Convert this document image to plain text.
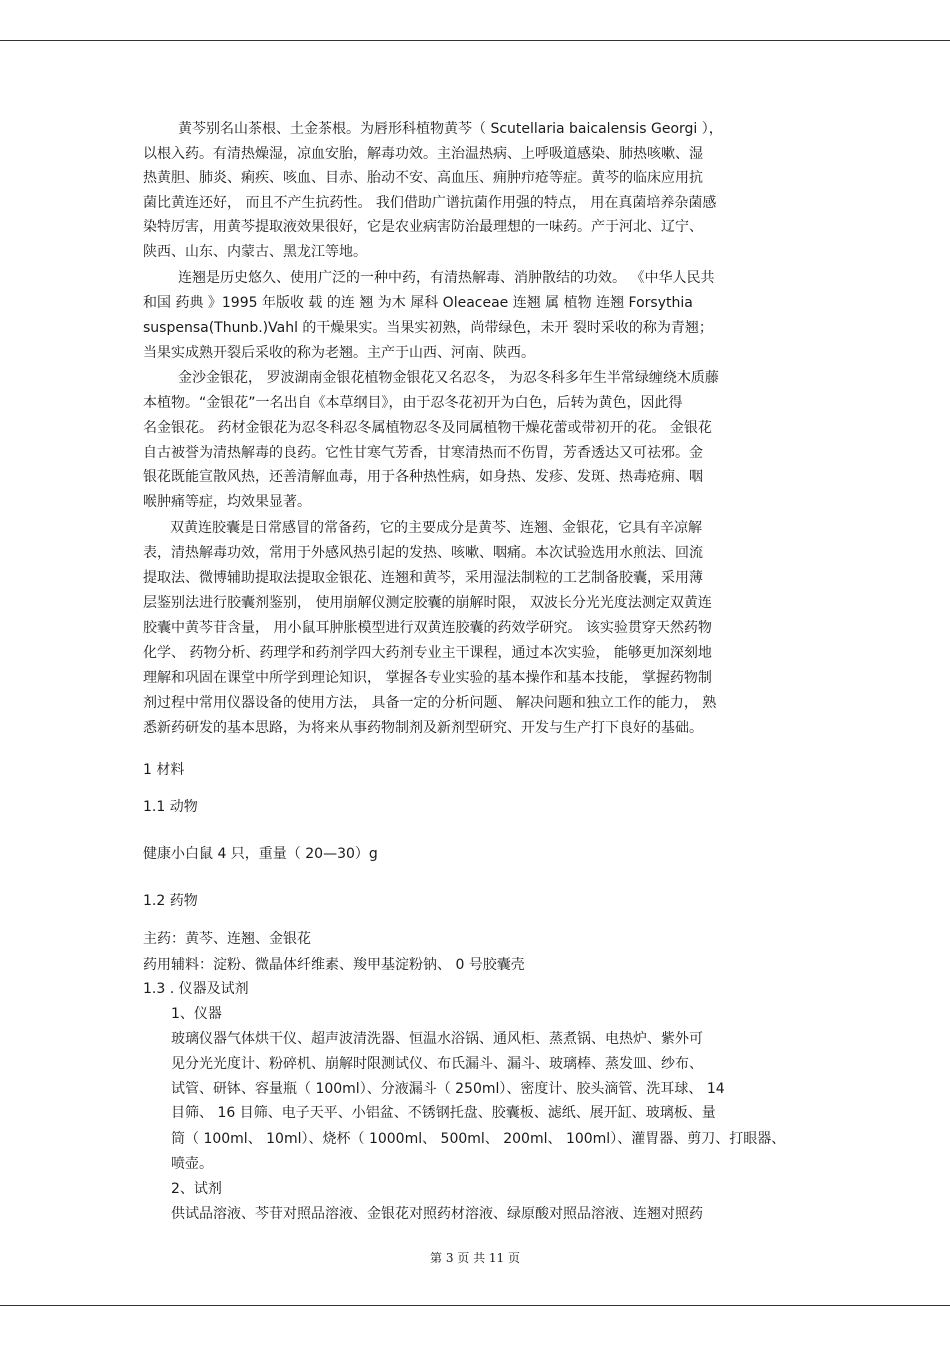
黄芩别名山茶根、土金茶根。为唇形科植物黄芩（ Scutellaria baicalensis Georgi ），
以根入药。有清热燥湿，凉血安胎，解毒功效。主治温热病、上呼吸道感染、肺热咳嗽、湿
热黄胆、肺炎、痢疾、咳血、目赤、胎动不安、高血压、痈肿疖疮等症。黄芩的临床应用抗
菌比黄连还好， 而且不产生抗药性。 我们借助广谱抗菌作用强的特点， 用在真菌培养杂菌感
染特厉害，用黄芩提取液效果很好，它是农业病害防治最理想的一味药。产于河北、辽宁、
陕西、山东、内蒙古、黑龙江等地。
连翘是历史悠久、使用广泛的一种中药，有清热解毒、消肿散结的功效。 《中华人民共
和国 药典 》1995 年版收 载 的连 翘 为木 犀科 Oleaceae 连翘 属 植物 连翘 Forsythia
suspensa(Thunb.)Vahl 的干燥果实。当果实初熟，尚带绿色，未开 裂时采收的称为青翘；
当果实成熟开裂后采收的称为老翘。主产于山西、河南、陕西。
金沙金银花， 罗波湖南金银花植物金银花又名忍冬， 为忍冬科多年生半常绿缠绕木质藤
本植物。“金银花”一名出自《本草纲目》，由于忍冬花初开为白色，后转为黄色，因此得
名金银花。 药材金银花为忍冬科忍冬属植物忍冬及同属植物干燥花蕾或带初开的花。 金银花
自古被誉为清热解毒的良药。它性甘寒气芳香，甘寒清热而不伤胃，芳香透达又可祛邪。金
银花既能宣散风热，还善清解血毒，用于各种热性病，如身热、发疹、发斑、热毒疮痈、咽
喉肿痛等症，均效果显著。
双黄连胶囊是日常感冒的常备药，它的主要成分是黄芩、连翘、金银花，它具有辛凉解
表，清热解毒功效，常用于外感风热引起的发热、咳嗽、咽痛。本次试验选用水煎法、回流
提取法、微博辅助提取法提取金银花、连翘和黄芩，采用湿法制粒的工艺制备胶囊，采用薄
层鉴别法进行胶囊剂鉴别， 使用崩解仪测定胶囊的崩解时限， 双波长分光光度法测定双黄连
胶囊中黄芩苷含量， 用小鼠耳肿胀模型进行双黄连胶囊的药效学研究。 该实验贯穿天然药物
化学、 药物分析、药理学和药剂学四大药剂专业主干课程，通过本次实验， 能够更加深刻地
理解和巩固在课堂中所学到理论知识， 掌握各专业实验的基本操作和基本技能， 掌握药物制
剂过程中常用仪器设备的使用方法， 具备一定的分析问题、 解决问题和独立工作的能力， 熟
悉新药研发的基本思路，为将来从事药物制剂及新剂型研究、开发与生产打下良好的基础。
1 材料
1.1 动物
健康小白鼠 4 只，重量（ 20—30）g
1.2 药物
主药：黄芩、连翘、金银花
药用辅料：淀粉、微晶体纤维素、羧甲基淀粉钠、 0 号胶囊壳
1.3 . 仪器及试剂
1、仪器
玻璃仪器气体烘干仪、超声波清洗器、恒温水浴锅、通风柜、蒸煮锅、电热炉、紫外可
见分光光度计、粉碎机、崩解时限测试仪、布氏漏斗、漏斗、玻璃棒、蒸发皿、纱布、
试管、研钵、容量瓶（ 100ml）、分液漏斗（ 250ml）、密度计、胶头滴管、洗耳球、 14
目筛、 16 目筛、电子天平、小铝盆、不锈钢托盘、胶囊板、滤纸、展开缸、玻璃板、量
筒（ 100ml、 10ml）、烧杯（ 1000ml、 500ml、 200ml、 100ml）、灌胃器、剪刀、打眼器、
喷壶。
2、试剂
供试品溶液、芩苷对照品溶液、金银花对照药材溶液、绿原酸对照品溶液、连翘对照药
第 3 页 共 11 页
